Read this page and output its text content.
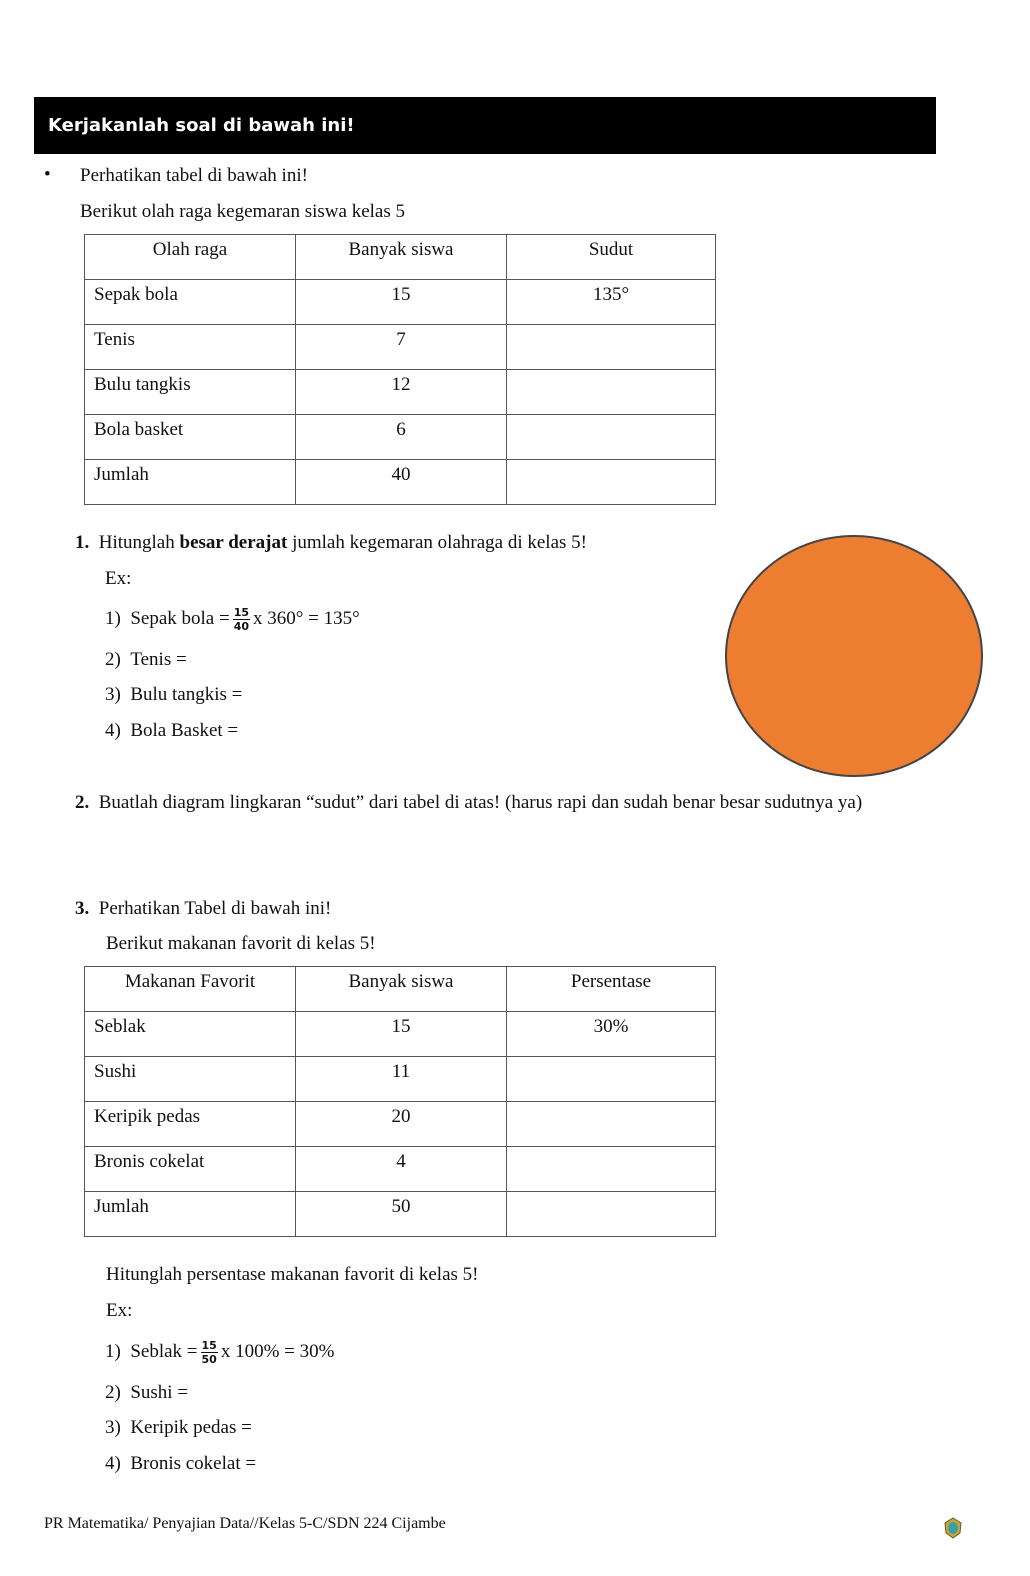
Kerjakanlah soal di bawah ini!
• Perhatikan tabel di bawah ini!
Berikut olah raga kegemaran siswa kelas 5
Olah raga	Banyak siswa	Sudut
Sepak bola	15	135°
Tenis	7	
Bulu tangkis	12	
Bola basket	6	
Jumlah	40	
1. Hitunglah besar derajat jumlah kegemaran olahraga di kelas 5!
Ex:
1) Sepak bola = $\frac{15}{40}$ x 360° = 135°
2) Tenis =
3) Bulu tangkis =
4) Bola Basket =
2. Buatlah diagram lingkaran “sudut” dari tabel di atas! (harus rapi dan sudah benar besar sudutnya ya)
3. Perhatikan Tabel di bawah ini!
Berikut makanan favorit di kelas 5!
Makanan Favorit	Banyak siswa	Persentase
Seblak	15	30%
Sushi	11	
Keripik pedas	20	
Bronis cokelat	4	
Jumlah	50	
Hitunglah persentase makanan favorit di kelas 5!
Ex:
1) Seblak = $\frac{15}{50}$ x 100% = 30%
2) Sushi =
3) Keripik pedas =
4) Bronis cokelat =
PR Matematika/ Penyajian Data//Kelas 5-C/SDN 224 Cijambe
